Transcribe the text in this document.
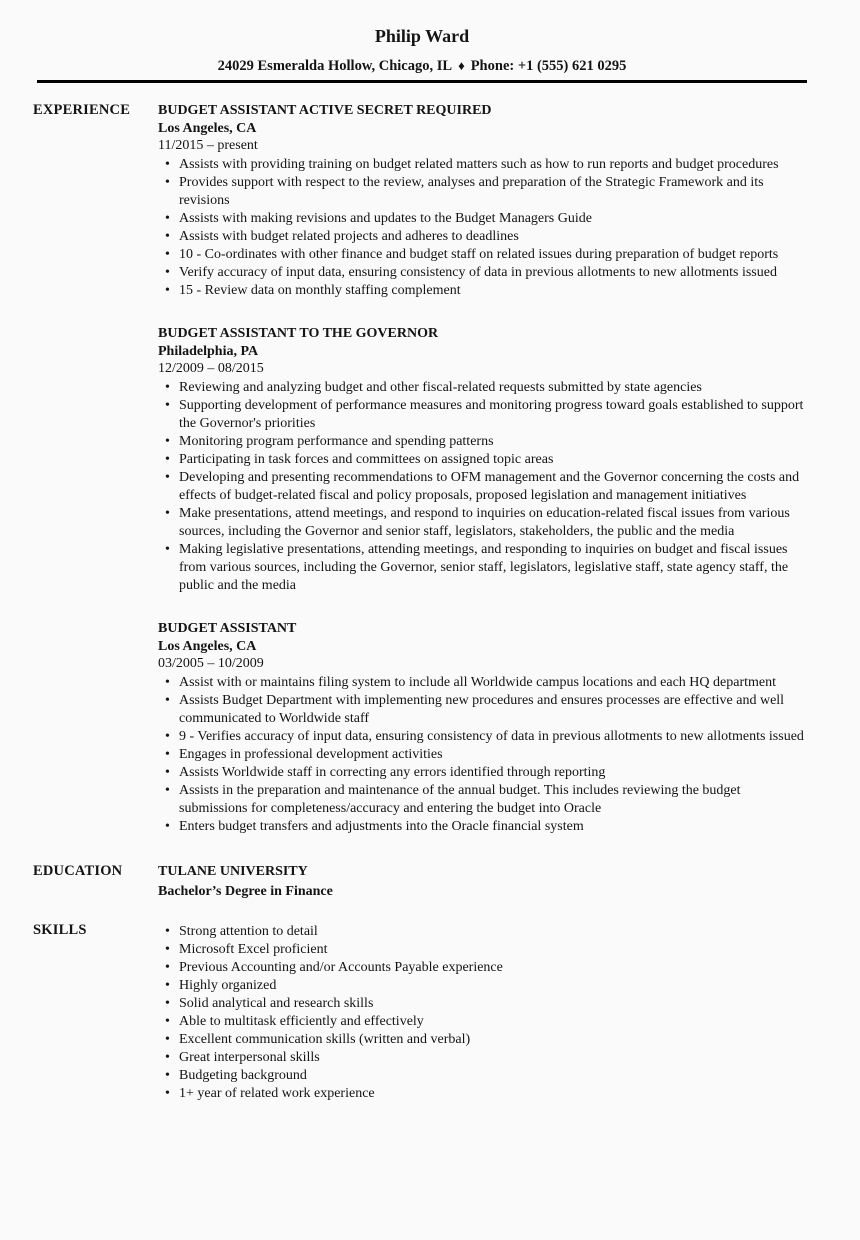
Philip Ward
24029 Esmeralda Hollow, Chicago, IL ♦ Phone: +1 (555) 621 0295
EXPERIENCE	BUDGET ASSISTANT ACTIVE SECRET REQUIRED
Los Angeles, CA
11/2015 – present
• Assists with providing training on budget related matters such as how to run reports and budget procedures
• Provides support with respect to the review, analyses and preparation of the Strategic Framework and its revisions
• Assists with making revisions and updates to the Budget Managers Guide
• Assists with budget related projects and adheres to deadlines
• 10 - Co-ordinates with other finance and budget staff on related issues during preparation of budget reports
• Verify accuracy of input data, ensuring consistency of data in previous allotments to new allotments issued
• 15 - Review data on monthly staffing complement
BUDGET ASSISTANT TO THE GOVERNOR
Philadelphia, PA
12/2009 – 08/2015
• Reviewing and analyzing budget and other fiscal-related requests submitted by state agencies
• Supporting development of performance measures and monitoring progress toward goals established to support the Governor's priorities
• Monitoring program performance and spending patterns
• Participating in task forces and committees on assigned topic areas
• Developing and presenting recommendations to OFM management and the Governor concerning the costs and effects of budget-related fiscal and policy proposals, proposed legislation and management initiatives
• Make presentations, attend meetings, and respond to inquiries on education-related fiscal issues from various sources, including the Governor and senior staff, legislators, stakeholders, the public and the media
• Making legislative presentations, attending meetings, and responding to inquiries on budget and fiscal issues from various sources, including the Governor, senior staff, legislators, legislative staff, state agency staff, the public and the media
BUDGET ASSISTANT
Los Angeles, CA
03/2005 – 10/2009
• Assist with or maintains filing system to include all Worldwide campus locations and each HQ department
• Assists Budget Department with implementing new procedures and ensures processes are effective and well communicated to Worldwide staff
• 9 - Verifies accuracy of input data, ensuring consistency of data in previous allotments to new allotments issued
• Engages in professional development activities
• Assists Worldwide staff in correcting any errors identified through reporting
• Assists in the preparation and maintenance of the annual budget. This includes reviewing the budget submissions for completeness/accuracy and entering the budget into Oracle
• Enters budget transfers and adjustments into the Oracle financial system
EDUCATION	TULANE UNIVERSITY
Bachelor’s Degree in Finance
SKILLS	• Strong attention to detail
• Microsoft Excel proficient
• Previous Accounting and/or Accounts Payable experience
• Highly organized
• Solid analytical and research skills
• Able to multitask efficiently and effectively
• Excellent communication skills (written and verbal)
• Great interpersonal skills
• Budgeting background
• 1+ year of related work experience
